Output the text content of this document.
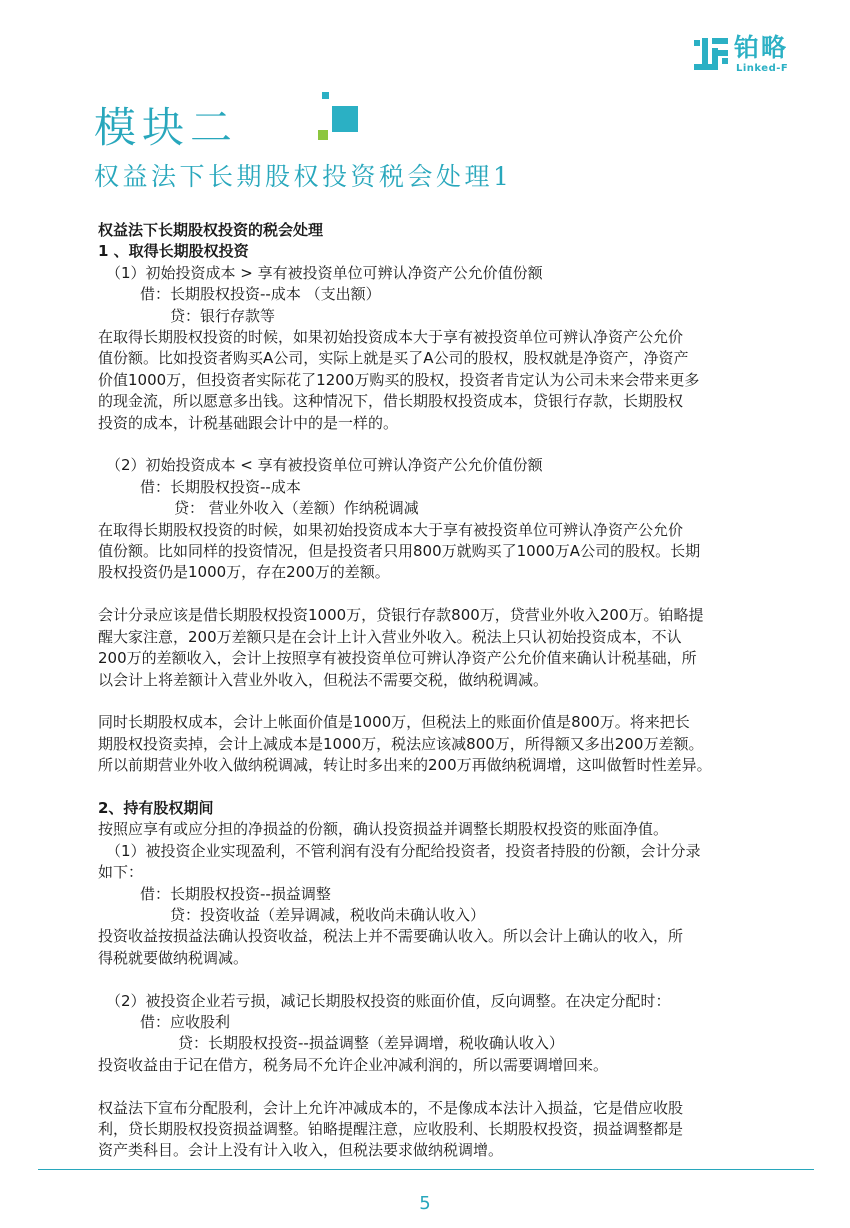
铂略
Linked-F
模块二
权益法下长期股权投资税会处理1

权益法下长期股权投资的税会处理

1 、取得长期股权投资

（1）初始投资成本 > 享有被投资单位可辨认净资产公允价值份额

借：长期股权投资--成本 （支出额）

贷：银行存款等

在取得长期股权投资的时候，如果初始投资成本大于享有被投资单位可辨认净资产公允价

值份额。比如投资者购买A公司，实际上就是买了A公司的股权，股权就是净资产，净资产

价值1000万，但投资者实际花了1200万购买的股权，投资者肯定认为公司未来会带来更多

的现金流，所以愿意多出钱。这种情况下，借长期股权投资成本，贷银行存款，长期股权

投资的成本，计税基础跟会计中的是一样的。

（2）初始投资成本 < 享有被投资单位可辨认净资产公允价值份额

借：长期股权投资--成本

贷： 营业外收入（差额）作纳税调减

在取得长期股权投资的时候，如果初始投资成本大于享有被投资单位可辨认净资产公允价

值份额。比如同样的投资情况，但是投资者只用800万就购买了1000万A公司的股权。长期

股权投资仍是1000万，存在200万的差额。

会计分录应该是借长期股权投资1000万，贷银行存款800万，贷营业外收入200万。铂略提

醒大家注意，200万差额只是在会计上计入营业外收入。税法上只认初始投资成本，不认

200万的差额收入，会计上按照享有被投资单位可辨认净资产公允价值来确认计税基础，所

以会计上将差额计入营业外收入，但税法不需要交税，做纳税调减。

同时长期股权成本，会计上帐面价值是1000万，但税法上的账面价值是800万。将来把长

期股权投资卖掉，会计上减成本是1000万，税法应该减800万，所得额又多出200万差额。

所以前期营业外收入做纳税调减，转让时多出来的200万再做纳税调增，这叫做暂时性差异。

2、持有股权期间

按照应享有或应分担的净损益的份额，确认投资损益并调整长期股权投资的账面净值。

（1）被投资企业实现盈利，不管利润有没有分配给投资者，投资者持股的份额，会计分录

如下：

借：长期股权投资--损益调整

贷：投资收益（差异调减，税收尚未确认收入）

投资收益按损益法确认投资收益，税法上并不需要确认收入。所以会计上确认的收入，所

得税就要做纳税调减。

（2）被投资企业若亏损，减记长期股权投资的账面价值，反向调整。在决定分配时：

借：应收股利

贷：长期股权投资--损益调整（差异调增，税收确认收入）

投资收益由于记在借方，税务局不允许企业冲减利润的，所以需要调增回来。

权益法下宣布分配股利，会计上允许冲减成本的，不是像成本法计入损益，它是借应收股

利，贷长期股权投资损益调整。铂略提醒注意，应收股利、长期股权投资，损益调整都是

资产类科目。会计上没有计入收入，但税法要求做纳税调增。

5
